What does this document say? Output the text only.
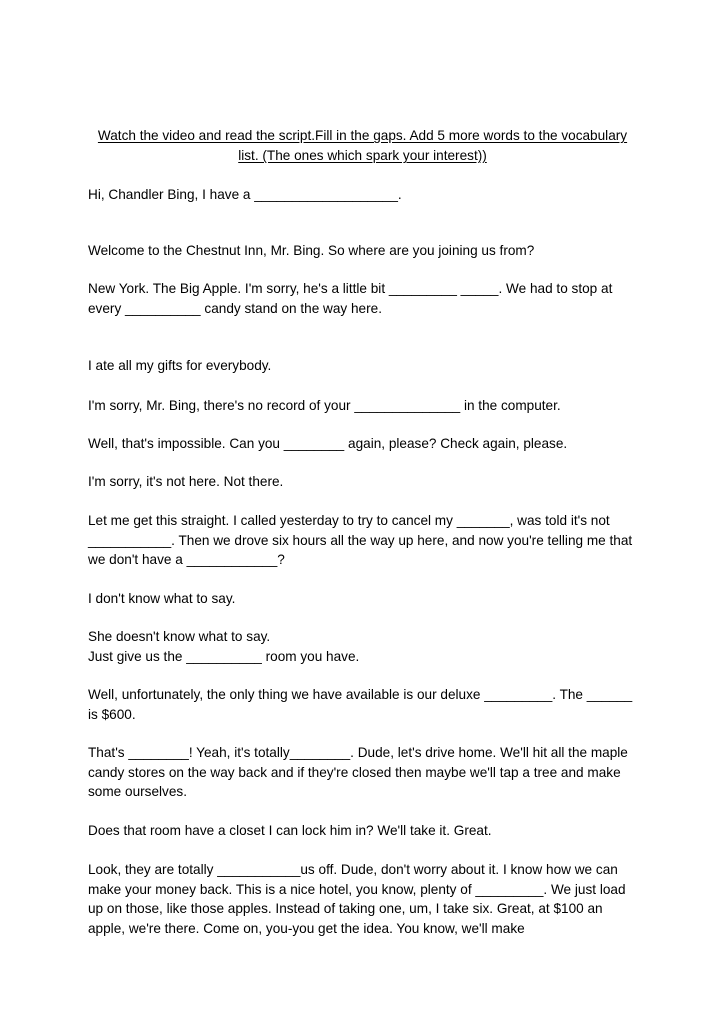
Watch the video and read the script.Fill in the gaps. Add 5 more words to the vocabulary list. (The ones which spark your interest))

Hi, Chandler Bing, I have a ___________________.

Welcome to the Chestnut Inn, Mr. Bing. So where are you joining us from?

New York. The Big Apple. I'm sorry, he's a little bit _________ _____. We had to stop at every __________ candy stand on the way here.

I ate all my gifts for everybody.

I'm sorry, Mr. Bing, there's no record of your ______________ in the computer.

Well, that's impossible. Can you ________ again, please? Check again, please.

I'm sorry, it's not here. Not there.

Let me get this straight. I called yesterday to try to cancel my _______, was told it's not ___________. Then we drove six hours all the way up here, and now you're telling me that we don't have a ____________?

I don't know what to say.

She doesn't know what to say.

Just give us the __________ room you have.

Well, unfortunately, the only thing we have available is our deluxe _________. The ______ is $600.

That's ________! Yeah, it's totally________. Dude, let's drive home. We'll hit all the maple candy stores on the way back and if they're closed then maybe we'll tap a tree and make some ourselves.

Does that room have a closet I can lock him in? We'll take it. Great.

Look, they are totally ___________us off. Dude, don't worry about it. I know how we can make your money back. This is a nice hotel, you know, plenty of _________. We just load up on those, like those apples. Instead of taking one, um, I take six. Great, at $100 an apple, we're there. Come on, you-you get the idea. You know, we'll make
